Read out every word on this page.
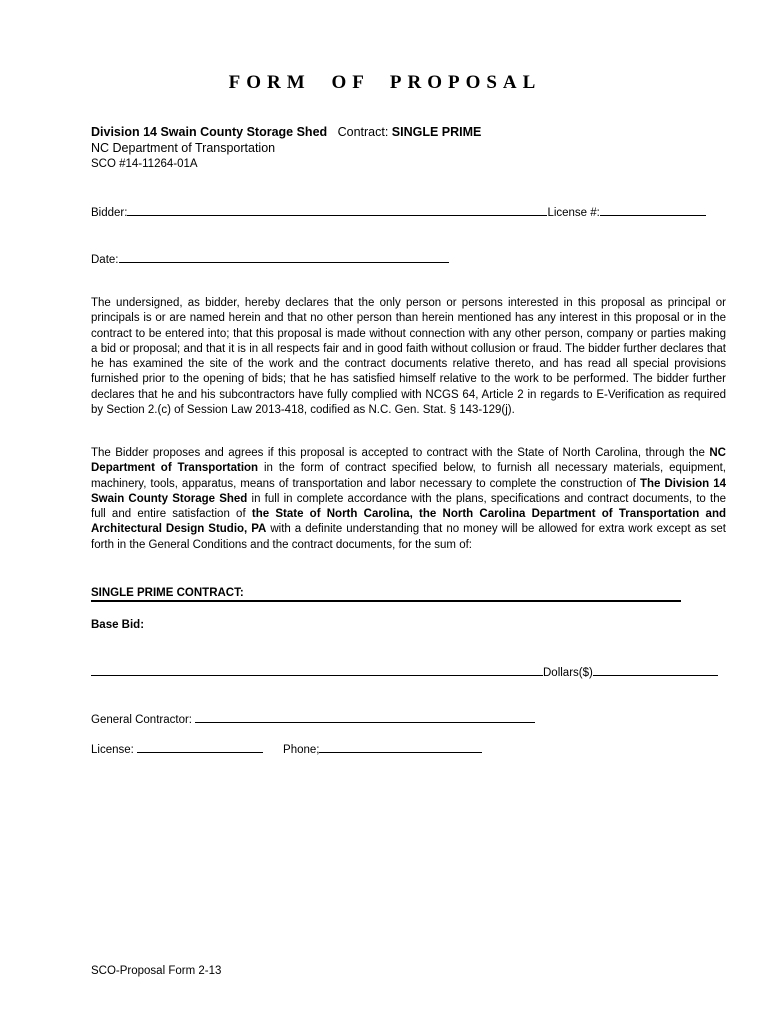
FORM OF PROPOSAL
Division 14 Swain County Storage Shed Contract: SINGLE PRIME
NC Department of Transportation
SCO #14-11264-01A
Bidder:	License #:
Date:
The undersigned, as bidder, hereby declares that the only person or persons interested in this proposal as principal or principals is or are named herein and that no other person than herein mentioned has any interest in this proposal or in the contract to be entered into; that this proposal is made without connection with any other person, company or parties making a bid or proposal; and that it is in all respects fair and in good faith without collusion or fraud. The bidder further declares that he has examined the site of the work and the contract documents relative thereto, and has read all special provisions furnished prior to the opening of bids; that he has satisfied himself relative to the work to be performed. The bidder further declares that he and his subcontractors have fully complied with NCGS 64, Article 2 in regards to E-Verification as required by Section 2.(c) of Session Law 2013-418, codified as N.C. Gen. Stat. § 143-129(j).
The Bidder proposes and agrees if this proposal is accepted to contract with the State of North Carolina, through the NC Department of Transportation in the form of contract specified below, to furnish all necessary materials, equipment, machinery, tools, apparatus, means of transportation and labor necessary to complete the construction of The Division 14 Swain County Storage Shed in full in complete accordance with the plans, specifications and contract documents, to the full and entire satisfaction of the State of North Carolina, the North Carolina Department of Transportation and Architectural Design Studio, PA with a definite understanding that no money will be allowed for extra work except as set forth in the General Conditions and the contract documents, for the sum of:
SINGLE PRIME CONTRACT:
Base Bid:
Dollars($)
General Contractor:
License:	Phone;
SCO-Proposal Form 2-13
